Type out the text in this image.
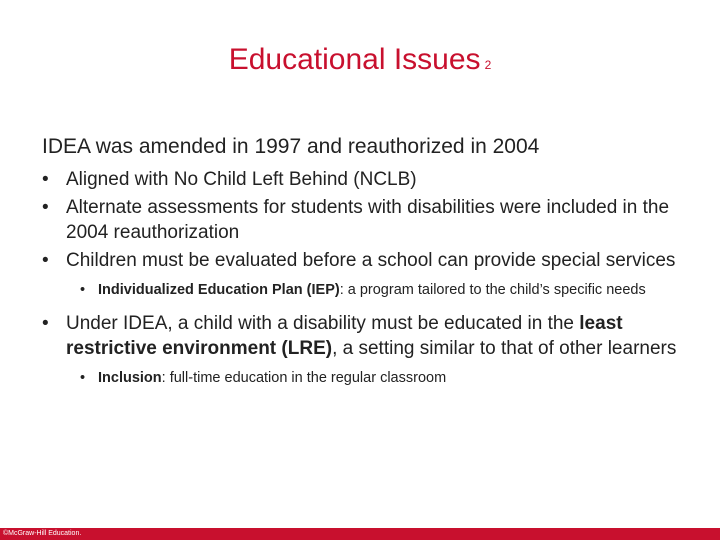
Educational Issues 2

IDEA was amended in 1997 and reauthorized in 2004

• Aligned with No Child Left Behind (NCLB)
• Alternate assessments for students with disabilities were included in the 2004 reauthorization
• Children must be evaluated before a school can provide special services
• Individualized Education Plan (IEP): a program tailored to the child’s specific needs
• Under IDEA, a child with a disability must be educated in the least restrictive environment (LRE), a setting similar to that of other learners
• Inclusion: full-time education in the regular classroom
©McGraw-Hill Education.
